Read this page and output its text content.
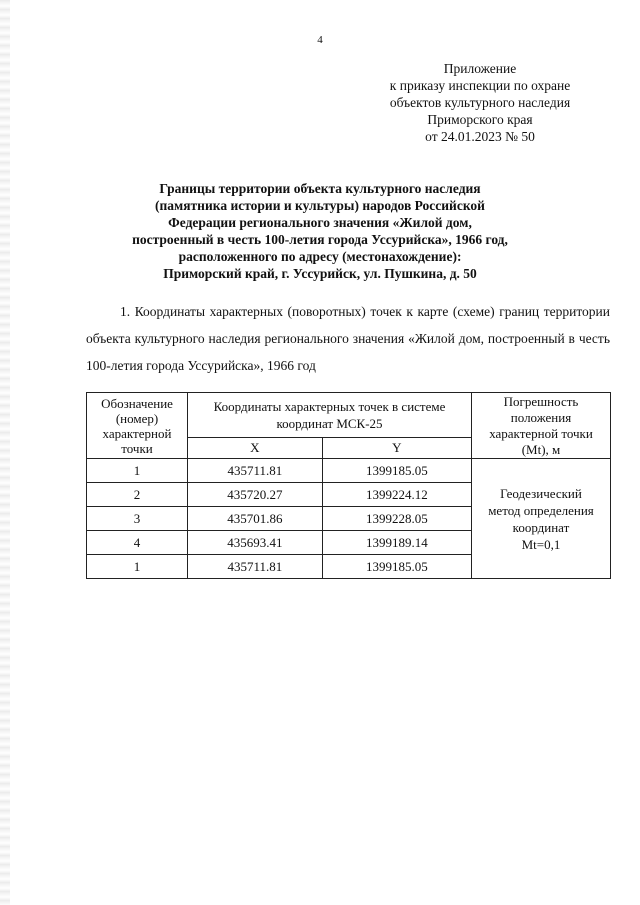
4
Приложение
к приказу инспекции по охране
объектов культурного наследия
Приморского края
от 24.01.2023 № 50
Границы территории объекта культурного наследия
(памятника истории и культуры) народов Российской
Федерации регионального значения «Жилой дом,
построенный в честь 100-летия города Уссурийска», 1966 год,
расположенного по адресу (местонахождение):
Приморский край, г. Уссурийск, ул. Пушкина, д. 50
1. Координаты характерных (поворотных) точек к карте (схеме) границ территории объекта культурного наследия регионального значения «Жилой дом, построенный в честь 100-летия города Уссурийска», 1966 год
Обозначение
(номер)
характерной
точки	Координаты характерных точек в системе координат МСК-25		Погрешность
положения
характерной точки
(Mt), м
	X	Y	
1	435711.81	1399185.05	Геодезический
метод определения
координат
Mt=0,1
2	435720.27	1399224.12	
3	435701.86	1399228.05	
4	435693.41	1399189.14	
1	435711.81	1399185.05	
